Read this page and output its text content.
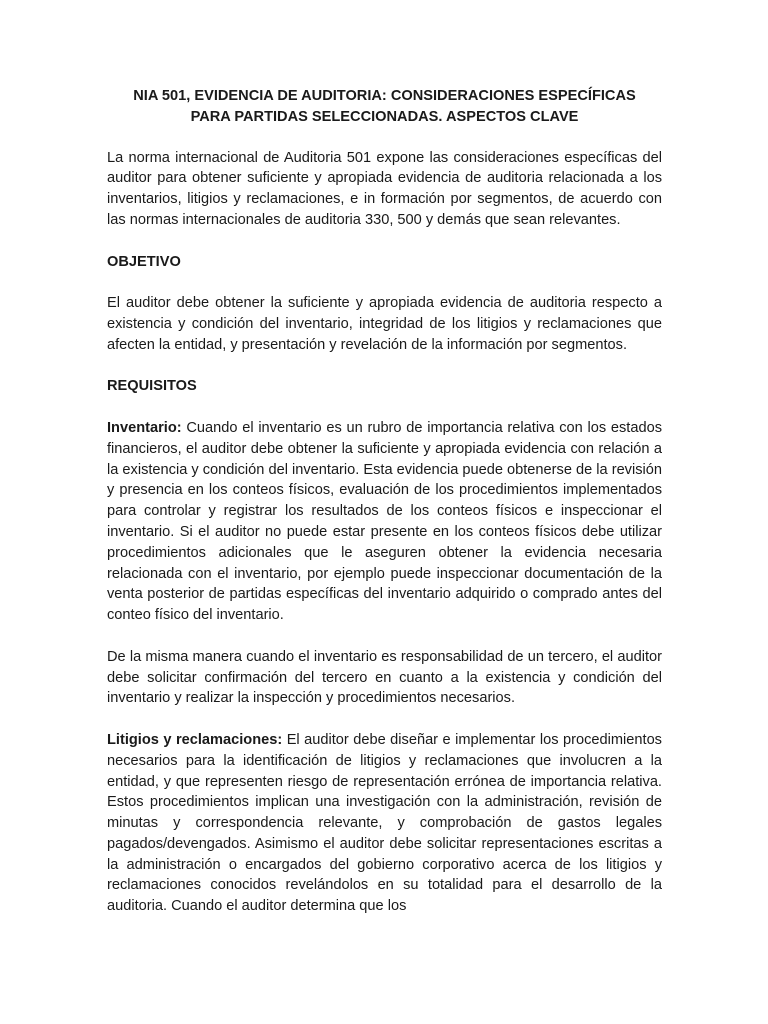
NIA 501, EVIDENCIA DE AUDITORIA: CONSIDERACIONES ESPECÍFICAS
PARA PARTIDAS SELECCIONADAS. ASPECTOS CLAVE

La norma internacional de Auditoria 501 expone las consideraciones específicas del auditor para obtener suficiente y apropiada evidencia de auditoria relacionada a los inventarios, litigios y reclamaciones, e in formación por segmentos, de acuerdo con las normas internacionales de auditoria 330, 500 y demás que sean relevantes.

OBJETIVO

El auditor debe obtener la suficiente y apropiada evidencia de auditoria respecto a existencia y condición del inventario, integridad de los litigios y reclamaciones que afecten la entidad, y presentación y revelación de la información por segmentos.

REQUISITOS

Inventario: Cuando el inventario es un rubro de importancia relativa con los estados financieros, el auditor debe obtener la suficiente y apropiada evidencia con relación a la existencia y condición del inventario. Esta evidencia puede obtenerse de la revisión y presencia en los conteos físicos, evaluación de los procedimientos implementados para controlar y registrar los resultados de los conteos físicos e inspeccionar el inventario. Si el auditor no puede estar presente en los conteos físicos debe utilizar procedimientos adicionales que le aseguren obtener la evidencia necesaria relacionada con el inventario, por ejemplo puede inspeccionar documentación de la venta posterior de partidas específicas del inventario adquirido o comprado antes del conteo físico del inventario.

De la misma manera cuando el inventario es responsabilidad de un tercero, el auditor debe solicitar confirmación del tercero en cuanto a la existencia y condición del inventario y realizar la inspección y procedimientos necesarios.

Litigios y reclamaciones: El auditor debe diseñar e implementar los procedimientos necesarios para la identificación de litigios y reclamaciones que involucren a la entidad, y que representen riesgo de representación errónea de importancia relativa. Estos procedimientos implican una investigación con la administración, revisión de minutas y correspondencia relevante, y comprobación de gastos legales pagados/devengados. Asimismo el auditor debe solicitar representaciones escritas a la administración o encargados del gobierno corporativo acerca de los litigios y reclamaciones conocidos revelándolos en su totalidad para el desarrollo de la auditoria. Cuando el auditor determina que los
